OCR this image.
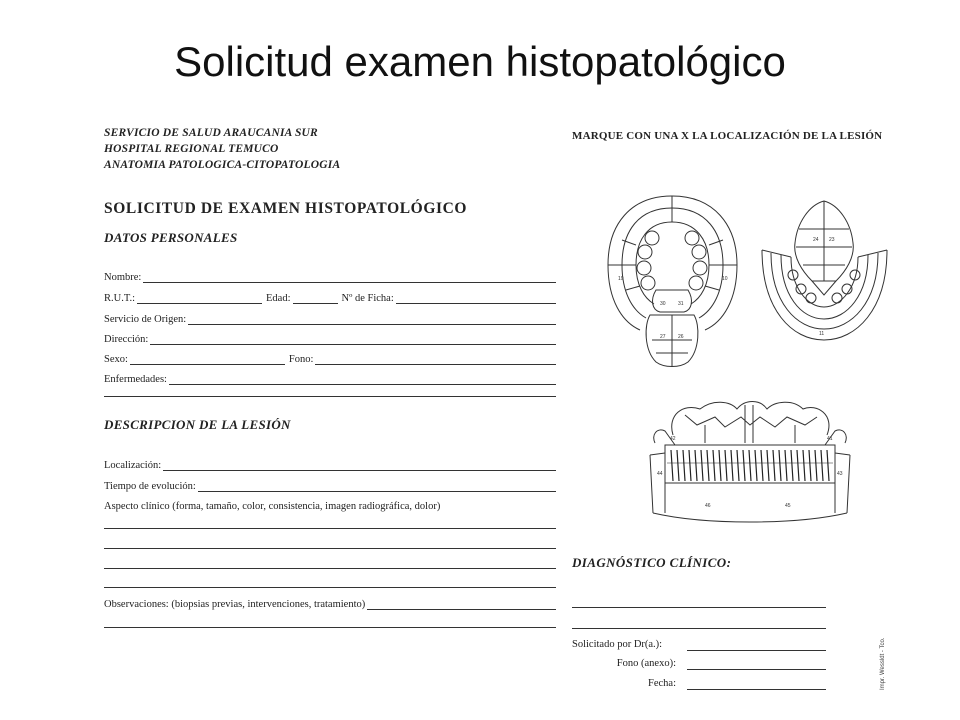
Solicitud examen histopatológico
SERVICIO DE SALUD ARAUCANIA SUR
HOSPITAL REGIONAL TEMUCO
ANATOMIA PATOLOGICA-CITOPATOLOGIA
SOLICITUD DE EXAMEN HISTOPATOLÓGICO
DATOS PERSONALES
Nombre:
R.U.T.:	Edad:	Nº de Ficha:
Servicio de Origen:
Dirección:
Sexo:	Fono:
Enfermedades:
DESCRIPCION DE LA LESIÓN
Localización:
Tiempo de evolución:
Aspecto clínico (forma, tamaño, color, consistencia, imagen radiográfica, dolor)
Observaciones: (biopsias previas, intervenciones, tratamiento)
MARQUE CON UNA X LA LOCALIZACIÓN DE LA LESIÓN
19	10
30 31
27 26
24 23
11
42	41
44	43
46	45
DIAGNÓSTICO CLÍNICO:
Solicitado por Dr(a.):
Fono (anexo):
Fecha:	Impr. Wessldt - Tco.
